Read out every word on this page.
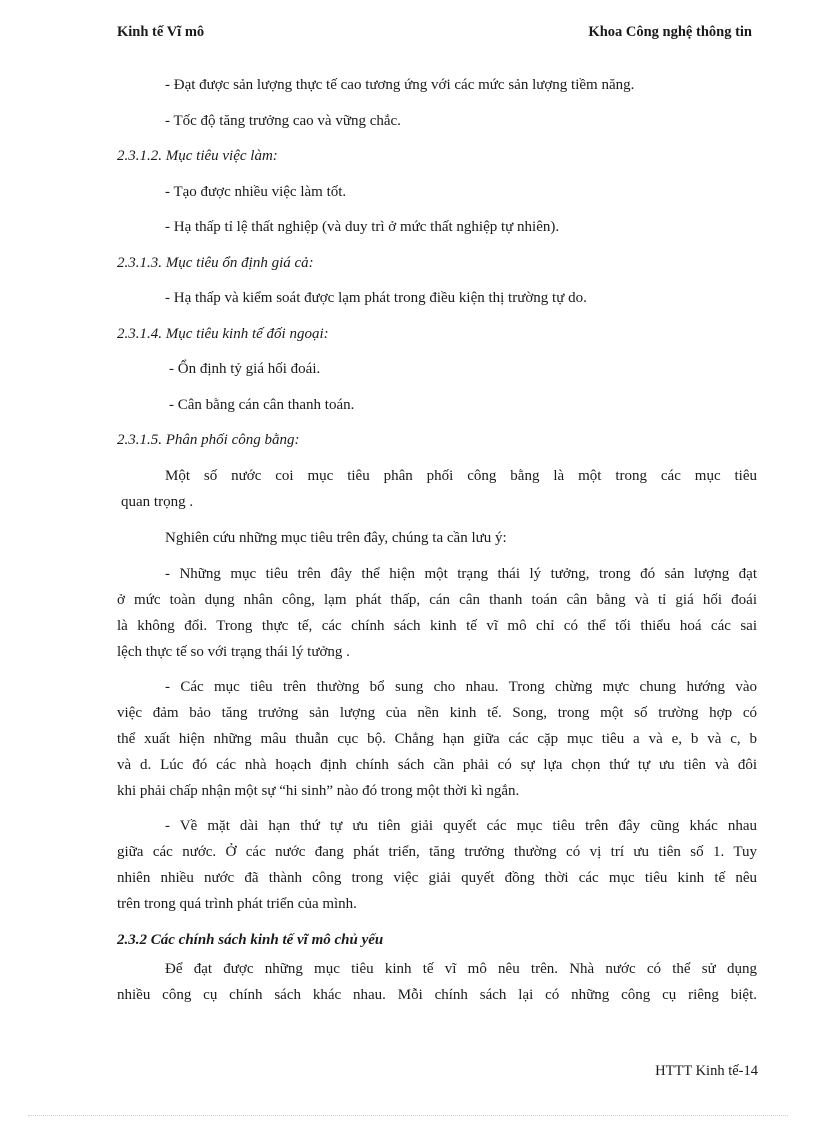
Kinh tế Vĩ mô	Khoa Công nghệ thông tin
- Đạt được sản lượng thực tế cao tương ứng với các mức sản lượng tiềm năng.
- Tốc độ tăng trưởng cao và vững chắc.
2.3.1.2. Mục tiêu việc làm:
- Tạo được nhiều việc làm tốt.
- Hạ thấp tỉ lệ thất nghiệp (và duy trì ở mức thất nghiệp tự nhiên).
2.3.1.3. Mục tiêu ổn định giá cả:
- Hạ thấp và kiểm soát được lạm phát trong điều kiện thị trường tự do.
2.3.1.4. Mục tiêu kinh tế đối ngoại:
- Ổn định tỷ giá hối đoái.
- Cân bằng cán cân thanh toán.
2.3.1.5. Phân phối công bằng:
Một số nước coi mục tiêu phân phối công bằng là một trong các mục tiêu
quan trọng .
Nghiên cứu những mục tiêu trên đây, chúng ta cần lưu ý:
- Những mục tiêu trên đây thể hiện một trạng thái lý tưởng, trong đó sản lượng đạt
ở mức toàn dụng nhân công, lạm phát thấp, cán cân thanh toán cân bằng và tỉ giá hối đoái
là không đổi. Trong thực tế, các chính sách kinh tế vĩ mô chỉ có thể tối thiểu hoá các sai
lệch thực tế so với trạng thái lý tưởng .
- Các mục tiêu trên thường bổ sung cho nhau. Trong chừng mực chung hướng vào
việc đảm bảo tăng trưởng sản lượng của nền kinh tế. Song, trong một số trường hợp có
thể xuất hiện những mâu thuẫn cục bộ. Chẳng hạn giữa các cặp mục tiêu a và e, b và c, b
và d. Lúc đó các nhà hoạch định chính sách cần phải có sự lựa chọn thứ tự ưu tiên và đôi
khi phải chấp nhận một sự “hi sinh” nào đó trong một thời kì ngắn.
- Về mặt dài hạn thứ tự ưu tiên giải quyết các mục tiêu trên đây cũng khác nhau
giữa các nước. Ở các nước đang phát triển, tăng trưởng thường có vị trí ưu tiên số 1. Tuy
nhiên nhiều nước đã thành công trong việc giải quyết đồng thời các mục tiêu kinh tế nêu
trên trong quá trình phát triển của mình.
2.3.2 Các chính sách kinh tế vĩ mô chủ yếu
Để đạt được những mục tiêu kinh tế vĩ mô nêu trên. Nhà nước có thể sử dụng
nhiều công cụ chính sách khác nhau. Mỗi chính sách lại có những công cụ riêng biệt.
HTTT Kinh tế-14
